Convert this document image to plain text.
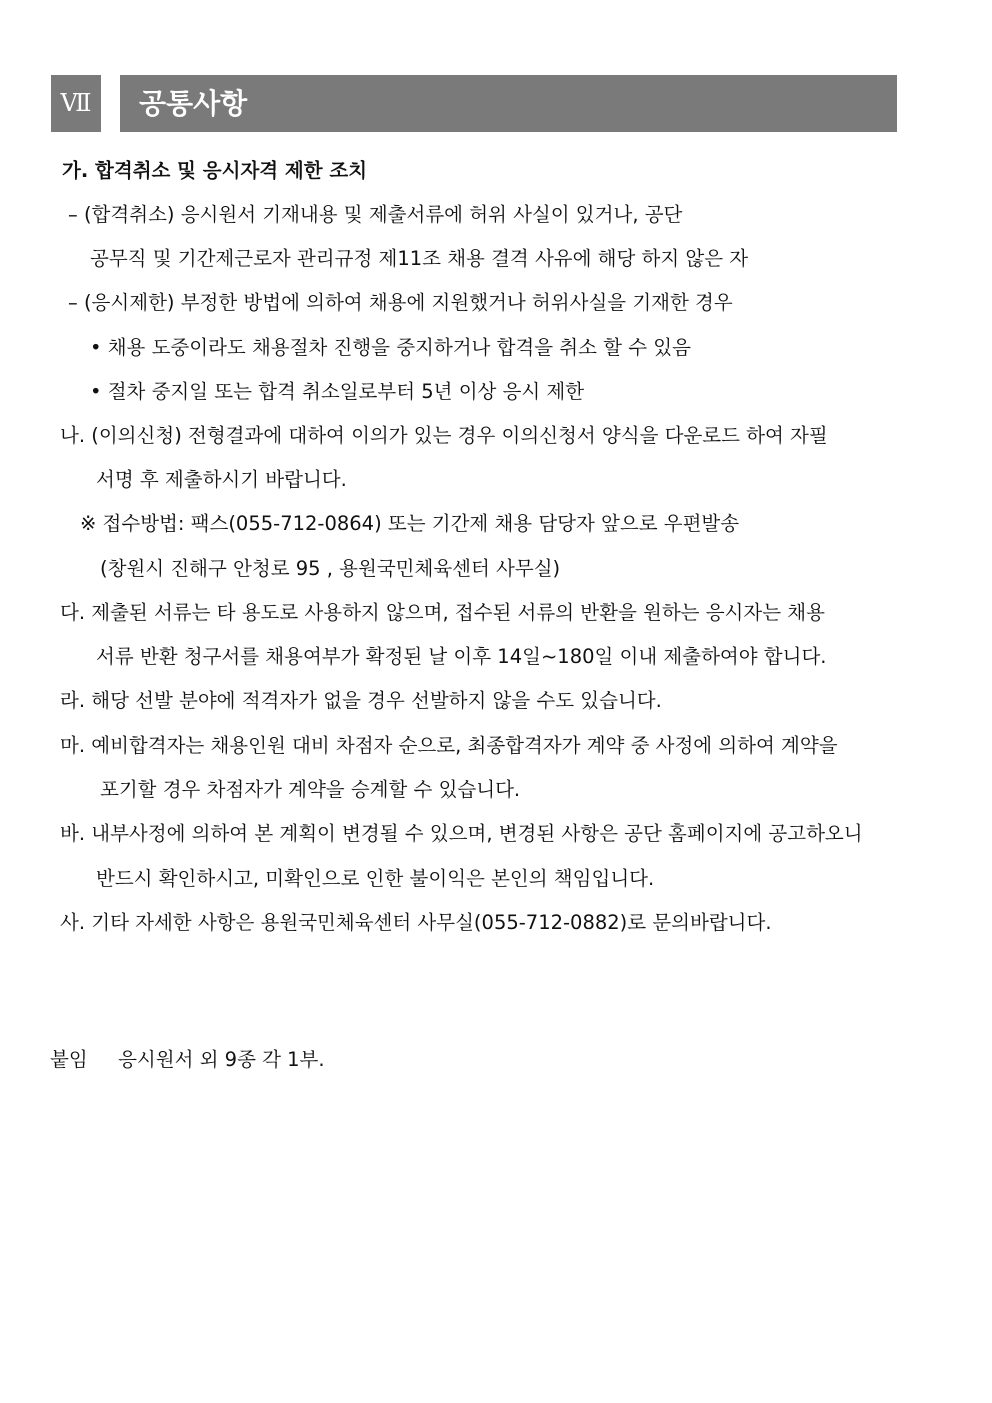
Ⅶ	공통사항
가. 합격취소 및 응시자격 제한 조치
– (합격취소) 응시원서 기재내용 및 제출서류에 허위 사실이 있거나, 공단
공무직 및 기간제근로자 관리규정 제11조 채용 결격 사유에 해당 하지 않은 자
– (응시제한) 부정한 방법에 의하여 채용에 지원했거나 허위사실을 기재한 경우
• 채용 도중이라도 채용절차 진행을 중지하거나 합격을 취소 할 수 있음
• 절차 중지일 또는 합격 취소일로부터 5년 이상 응시 제한
나. (이의신청) 전형결과에 대하여 이의가 있는 경우 이의신청서 양식을 다운로드 하여 자필
서명 후 제출하시기 바랍니다.
※ 접수방법: 팩스(055-712-0864) 또는 기간제 채용 담당자 앞으로 우편발송
(창원시 진해구 안청로 95 , 용원국민체육센터 사무실)
다. 제출된 서류는 타 용도로 사용하지 않으며, 접수된 서류의 반환을 원하는 응시자는 채용
서류 반환 청구서를 채용여부가 확정된 날 이후 14일~180일 이내 제출하여야 합니다.
라. 해당 선발 분야에 적격자가 없을 경우 선발하지 않을 수도 있습니다.
마. 예비합격자는 채용인원 대비 차점자 순으로, 최종합격자가 계약 중 사정에 의하여 계약을
포기할 경우 차점자가 계약을 승계할 수 있습니다.
바. 내부사정에 의하여 본 계획이 변경될 수 있으며, 변경된 사항은 공단 홈페이지에 공고하오니
반드시 확인하시고, 미확인으로 인한 불이익은 본인의 책임입니다.
사. 기타 자세한 사항은 용원국민체육센터 사무실(055-712-0882)로 문의바랍니다.
붙임 응시원서 외 9종 각 1부.
